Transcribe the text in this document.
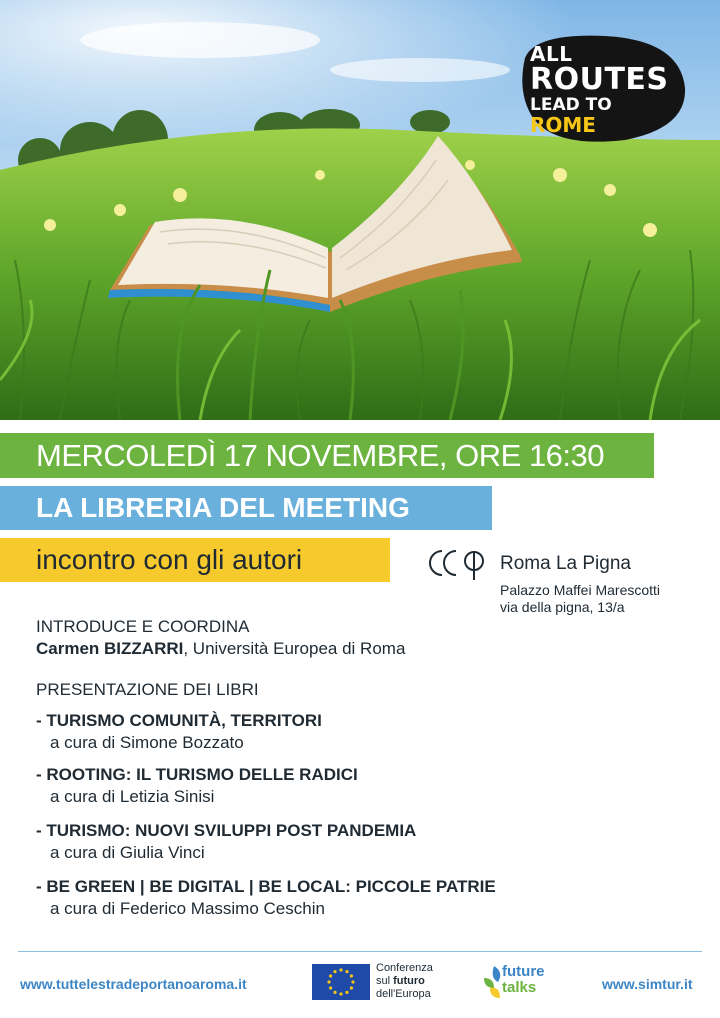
ALL
ROUTES
LEAD TO
ROME
MERCOLEDÌ 17 NOVEMBRE, ORE 16:30
LA LIBRERIA DEL MEETING
incontro con gli autori	Roma La Pigna
Palazzo Maffei Marescotti
via della pigna, 13/a
INTRODUCE E COORDINA
Carmen BIZZARRI, Università Europea di Roma
PRESENTAZIONE DEI LIBRI
- TURISMO COMUNITÀ, TERRITORI
a cura di Simone Bozzato
- ROOTING: IL TURISMO DELLE RADICI
a cura di Letizia Sinisi
- TURISMO: NUOVI SVILUPPI POST PANDEMIA
a cura di Giulia Vinci
- BE GREEN | BE DIGITAL | BE LOCAL: PICCOLE PATRIE
a cura di Federico Massimo Ceschin
www.tuttelestradeportanoaroma.it
Conferenza
sul futuro
dell'Europa
future
talks	www.simtur.it
